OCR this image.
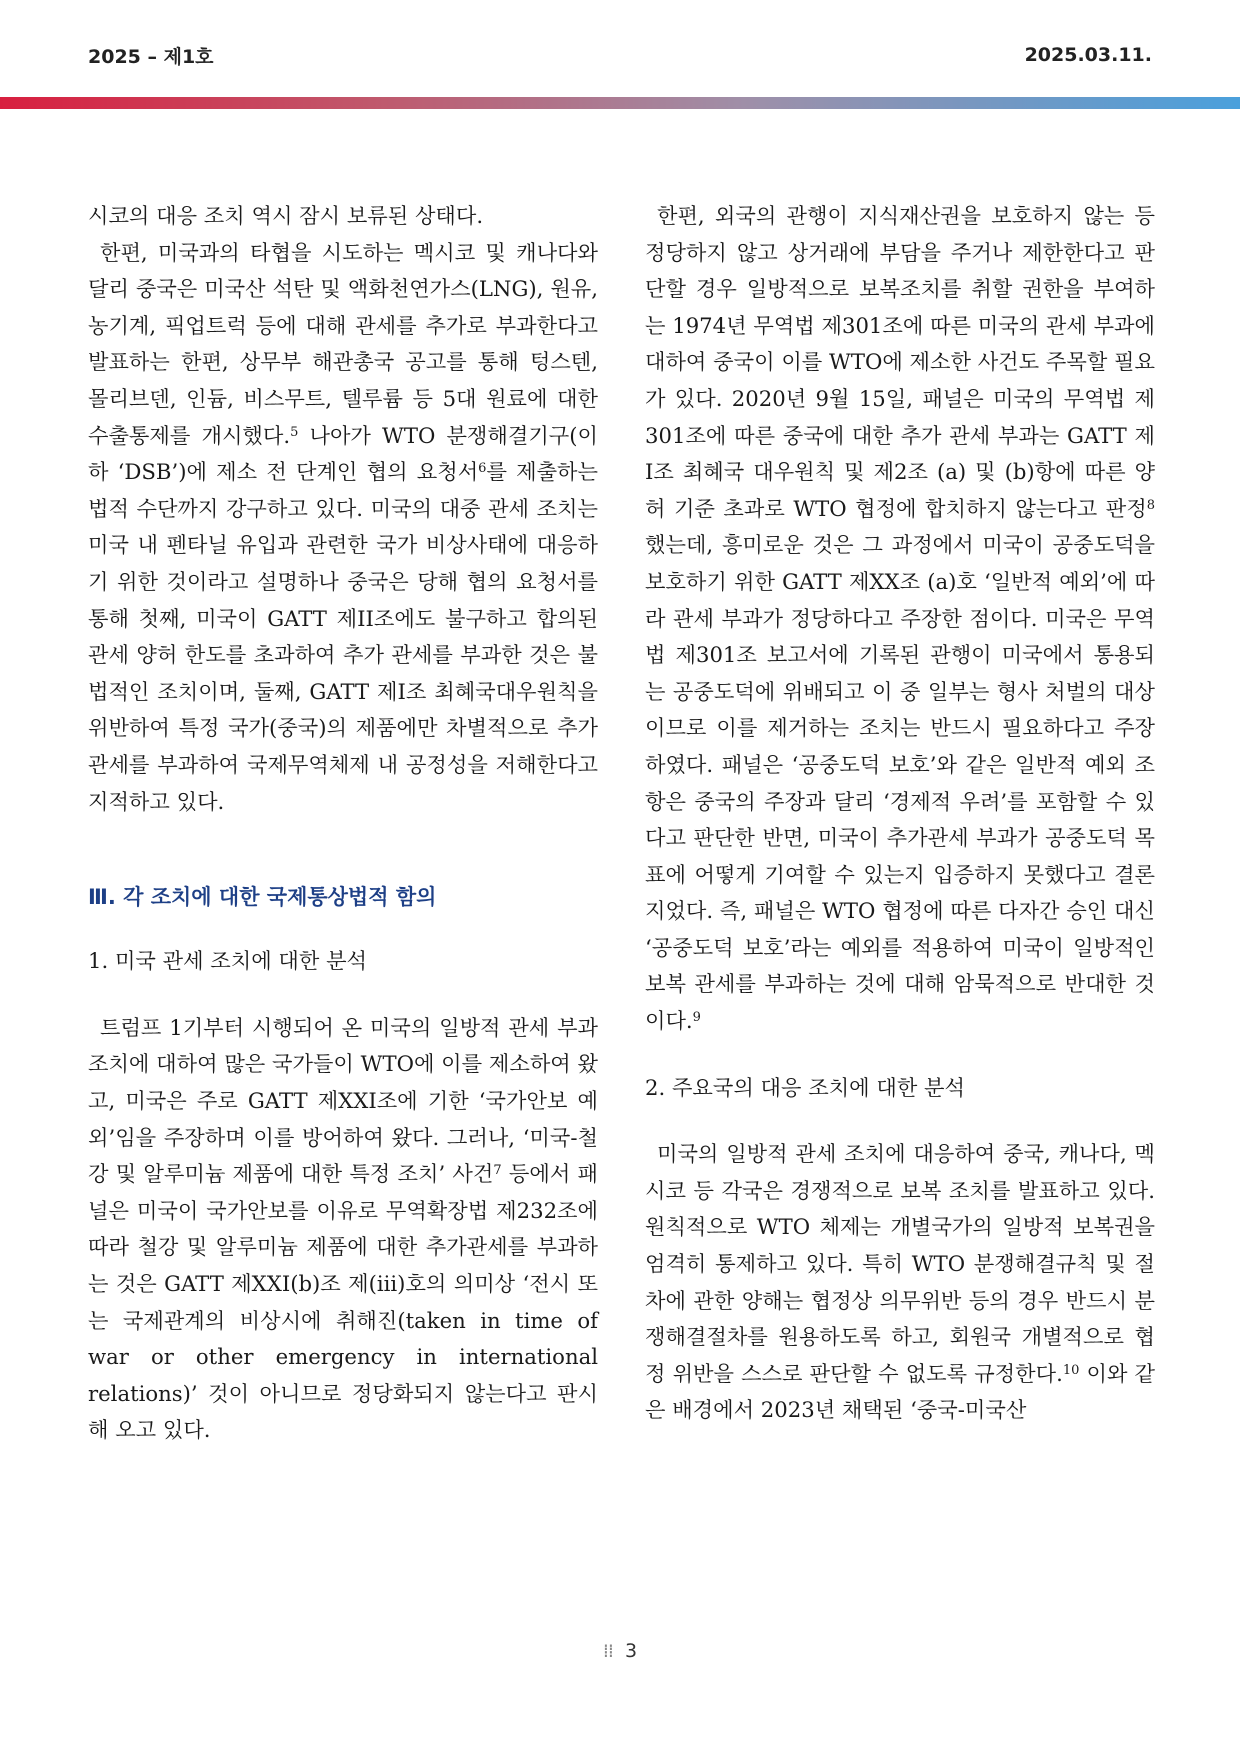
2025 – 제1호	2025.03.11.

시코의 대응 조치 역시 잠시 보류된 상태다.

한편, 미국과의 타협을 시도하는 멕시코 및 캐나다와 달리 중국은 미국산 석탄 및 액화천연가스(LNG), 원유, 농기계, 픽업트럭 등에 대해 관세를 추가로 부과한다고 발표하는 한편, 상무부 해관총국 공고를 통해 텅스텐, 몰리브덴, 인듐, 비스무트, 텔루륨 등 5대 원료에 대한 수출통제를 개시했다.$^5$ 나아가 WTO 분쟁해결기구(이하 ‘DSB’)에 제소 전 단계인 협의 요청서$^6$를 제출하는 법적 수단까지 강구하고 있다. 미국의 대중 관세 조치는 미국 내 펜타닐 유입과 관련한 국가 비상사태에 대응하기 위한 것이라고 설명하나 중국은 당해 협의 요청서를 통해 첫째, 미국이 GATT 제II조에도 불구하고 합의된 관세 양허 한도를 초과하여 추가 관세를 부과한 것은 불법적인 조치이며, 둘째, GATT 제I조 최혜국대우원칙을 위반하여 특정 국가(중국)의 제품에만 차별적으로 추가 관세를 부과하여 국제무역체제 내 공정성을 저해한다고 지적하고 있다.

Ⅲ. 각 조치에 대한 국제통상법적 함의

1. 미국 관세 조치에 대한 분석

트럼프 1기부터 시행되어 온 미국의 일방적 관세 부과 조치에 대하여 많은 국가들이 WTO에 이를 제소하여 왔고, 미국은 주로 GATT 제XXI조에 기한 ‘국가안보 예외’임을 주장하며 이를 방어하여 왔다. 그러나, ‘미국-철강 및 알루미늄 제품에 대한 특정 조치’ 사건$^7$ 등에서 패널은 미국이 국가안보를 이유로 무역확장법 제232조에 따라 철강 및 알루미늄 제품에 대한 추가관세를 부과하는 것은 GATT 제XXI(b)조 제(iii)호의 의미상 ‘전시 또는 국제관계의 비상시에 취해진(taken in time of war or other emergency in international relations)’ 것이 아니므로 정당화되지 않는다고 판시해 오고 있다.

한편, 외국의 관행이 지식재산권을 보호하지 않는 등 정당하지 않고 상거래에 부담을 주거나 제한한다고 판단할 경우 일방적으로 보복조치를 취할 권한을 부여하는 1974년 무역법 제301조에 따른 미국의 관세 부과에 대하여 중국이 이를 WTO에 제소한 사건도 주목할 필요가 있다. 2020년 9월 15일, 패널은 미국의 무역법 제301조에 따른 중국에 대한 추가 관세 부과는 GATT 제I조 최혜국 대우원칙 및 제2조 (a) 및 (b)항에 따른 양허 기준 초과로 WTO 협정에 합치하지 않는다고 판정$^8$했는데, 흥미로운 것은 그 과정에서 미국이 공중도덕을 보호하기 위한 GATT 제XX조 (a)호 ‘일반적 예외’에 따라 관세 부과가 정당하다고 주장한 점이다. 미국은 무역법 제301조 보고서에 기록된 관행이 미국에서 통용되는 공중도덕에 위배되고 이 중 일부는 형사 처벌의 대상이므로 이를 제거하는 조치는 반드시 필요하다고 주장하였다. 패널은 ‘공중도덕 보호’와 같은 일반적 예외 조항은 중국의 주장과 달리 ‘경제적 우려’를 포함할 수 있다고 판단한 반면, 미국이 추가관세 부과가 공중도덕 목표에 어떻게 기여할 수 있는지 입증하지 못했다고 결론지었다. 즉, 패널은 WTO 협정에 따른 다자간 승인 대신 ‘공중도덕 보호’라는 예외를 적용하여 미국이 일방적인 보복 관세를 부과하는 것에 대해 암묵적으로 반대한 것이다.$^9$

2. 주요국의 대응 조치에 대한 분석

미국의 일방적 관세 조치에 대응하여 중국, 캐나다, 멕시코 등 각국은 경쟁적으로 보복 조치를 발표하고 있다. 원칙적으로 WTO 체제는 개별국가의 일방적 보복권을 엄격히 통제하고 있다. 특히 WTO 분쟁해결규칙 및 절차에 관한 양해는 협정상 의무위반 등의 경우 반드시 분쟁해결절차를 원용하도록 하고, 회원국 개별적으로 협정 위반을 스스로 판단할 수 없도록 규정한다.$^{10}$ 이와 같은 배경에서 2023년 채택된 ‘중국-미국산

⁞⁞ 3
